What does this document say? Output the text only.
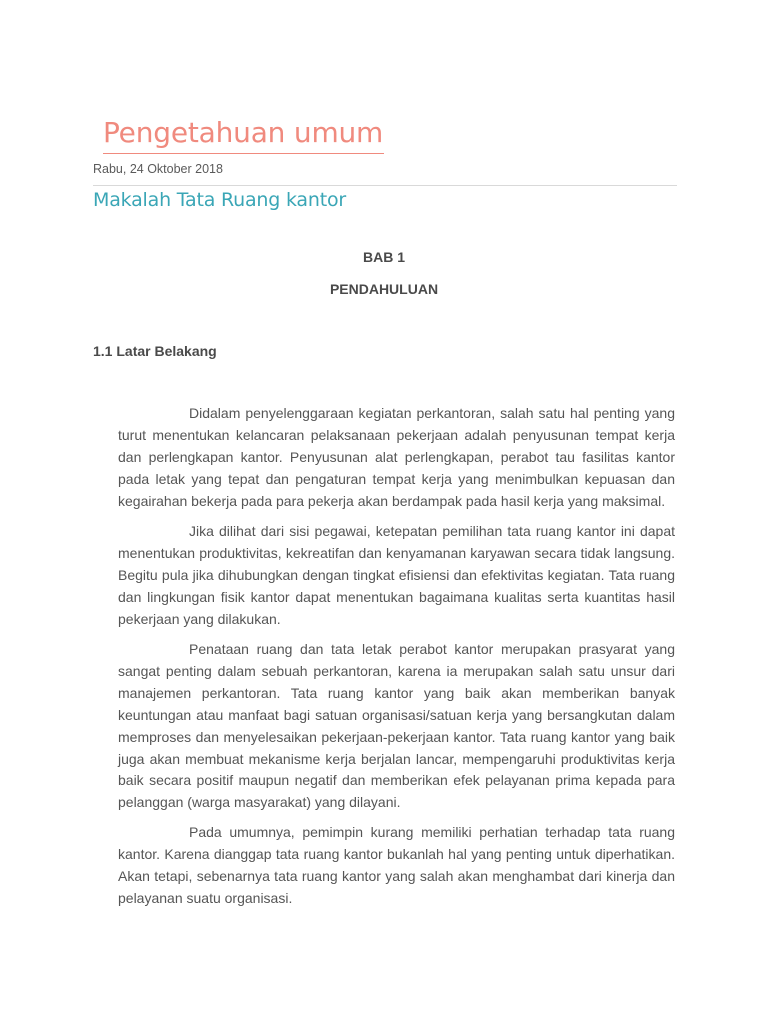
Pengetahuan umum
Rabu, 24 Oktober 2018
Makalah Tata Ruang kantor
BAB 1
PENDAHULUAN
1.1 Latar Belakang

Didalam penyelenggaraan kegiatan perkantoran, salah satu hal penting yang turut menentukan kelancaran pelaksanaan pekerjaan adalah penyusunan tempat kerja dan perlengkapan kantor. Penyusunan alat perlengkapan, perabot tau fasilitas kantor pada letak yang tepat dan pengaturan tempat kerja yang menimbulkan kepuasan dan kegairahan bekerja pada para pekerja akan berdampak pada hasil kerja yang maksimal.

Jika dilihat dari sisi pegawai, ketepatan pemilihan tata ruang kantor ini dapat menentukan produktivitas, kekreatifan dan kenyamanan karyawan secara tidak langsung. Begitu pula jika dihubungkan dengan tingkat efisiensi dan efektivitas kegiatan. Tata ruang dan lingkungan fisik kantor dapat menentukan bagaimana kualitas serta kuantitas hasil pekerjaan yang dilakukan.

Penataan ruang dan tata letak perabot kantor merupakan prasyarat yang sangat penting dalam sebuah perkantoran, karena ia merupakan salah satu unsur dari manajemen perkantoran. Tata ruang kantor yang baik akan memberikan banyak keuntungan atau manfaat bagi satuan organisasi/satuan kerja yang bersangkutan dalam memproses dan menyelesaikan pekerjaan-pekerjaan kantor. Tata ruang kantor yang baik juga akan membuat mekanisme kerja berjalan lancar, mempengaruhi produktivitas kerja baik secara positif maupun negatif dan memberikan efek pelayanan prima kepada para pelanggan (warga masyarakat) yang dilayani.

Pada umumnya, pemimpin kurang memiliki perhatian terhadap tata ruang kantor. Karena dianggap tata ruang kantor bukanlah hal yang penting untuk diperhatikan. Akan tetapi, sebenarnya tata ruang kantor yang salah akan menghambat dari kinerja dan pelayanan suatu organisasi.
